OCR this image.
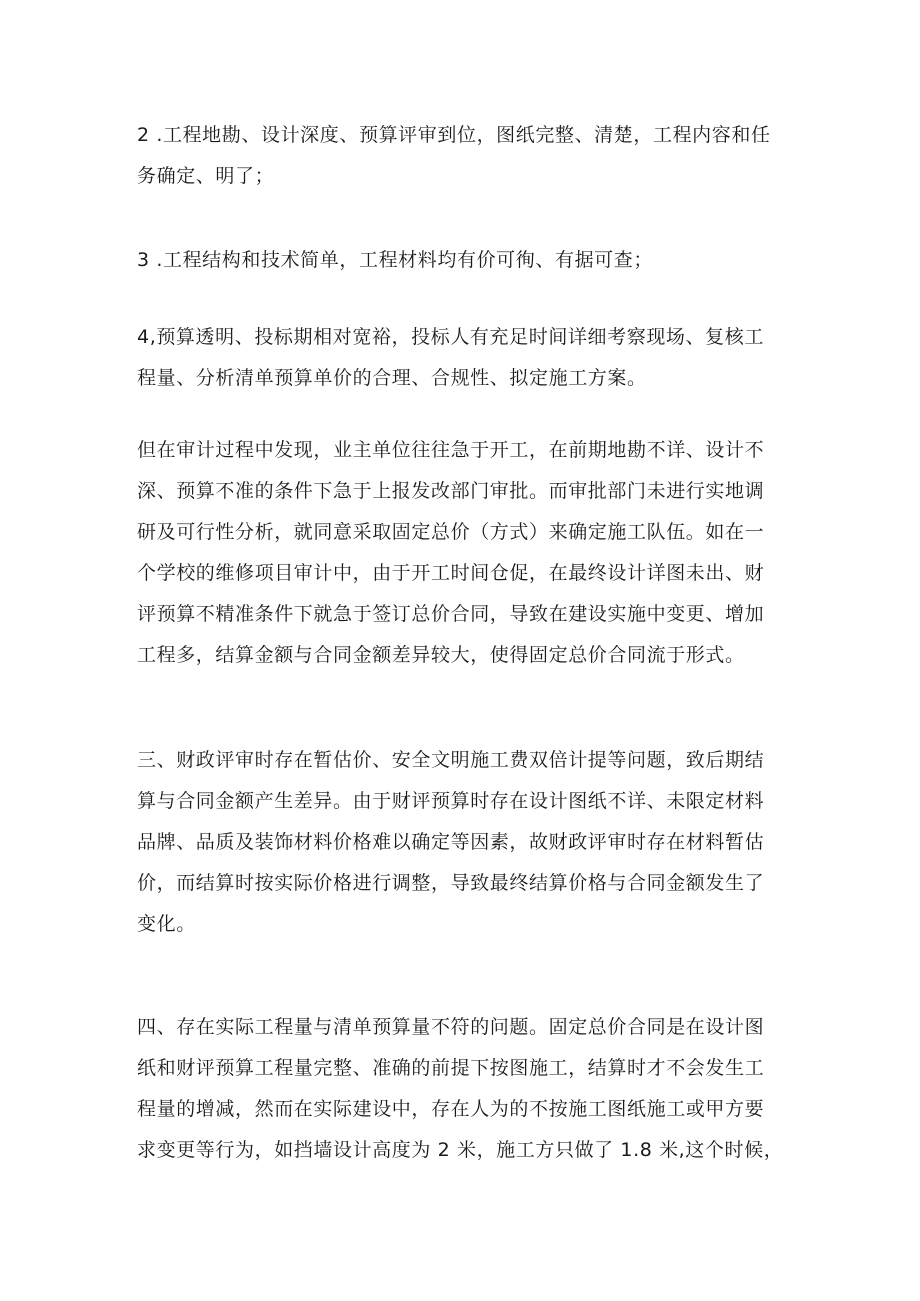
2 .工程地勘、设计深度、预算评审到位，图纸完整、清楚，工程内容和任
务确定、明了；

3 .工程结构和技术简单，工程材料均有价可徇、有据可查；

4,预算透明、投标期相对宽裕，投标人有充足时间详细考察现场、复核工
程量、分析清单预算单价的合理、合规性、拟定施工方案。

但在审计过程中发现，业主单位往往急于开工，在前期地勘不详、设计不
深、预算不准的条件下急于上报发改部门审批。而审批部门未进行实地调
研及可行性分析，就同意采取固定总价（方式）来确定施工队伍。如在一
个学校的维修项目审计中，由于开工时间仓促，在最终设计详图未出、财
评预算不精准条件下就急于签订总价合同，导致在建设实施中变更、增加
工程多，结算金额与合同金额差异较大，使得固定总价合同流于形式。

三、财政评审时存在暂估价、安全文明施工费双倍计提等问题，致后期结
算与合同金额产生差异。由于财评预算时存在设计图纸不详、未限定材料
品牌、品质及装饰材料价格难以确定等因素，故财政评审时存在材料暂估
价，而结算时按实际价格进行调整，导致最终结算价格与合同金额发生了
变化。

四、存在实际工程量与清单预算量不符的问题。固定总价合同是在设计图
纸和财评预算工程量完整、准确的前提下按图施工，结算时才不会发生工
程量的增减，然而在实际建设中，存在人为的不按施工图纸施工或甲方要
求变更等行为，如挡墙设计高度为 2 米，施工方只做了 1.8 米,这个时候，
